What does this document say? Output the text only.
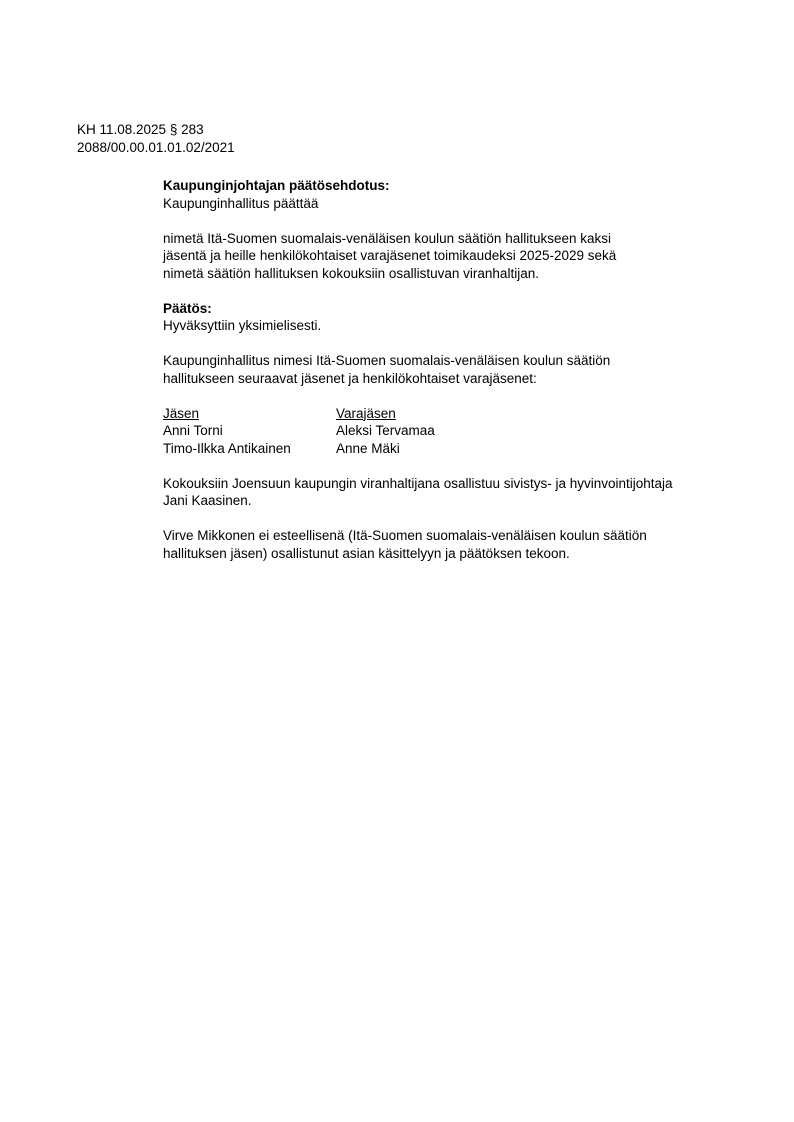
KH 11.08.2025 § 283
2088/00.00.01.01.02/2021

Kaupunginjohtajan päätösehdotus:

Kaupunginhallitus päättää

nimetä Itä-Suomen suomalais-venäläisen koulun säätiön hallitukseen kaksi

jäsentä ja heille henkilökohtaiset varajäsenet toimikaudeksi 2025-2029 sekä

nimetä säätiön hallituksen kokouksiin osallistuvan viranhaltijan.

Päätös:

Hyväksyttiin yksimielisesti.

Kaupunginhallitus nimesi Itä-Suomen suomalais-venäläisen koulun säätiön

hallitukseen seuraavat jäsenet ja henkilökohtaiset varajäsenet:

Jäsen	Varajäsen
Anni Torni	Aleksi Tervamaa
Timo-Ilkka Antikainen	Anne Mäki

Kokouksiin Joensuun kaupungin viranhaltijana osallistuu sivistys- ja hyvinvointijohtaja

Jani Kaasinen.

Virve Mikkonen ei esteellisenä (Itä-Suomen suomalais-venäläisen koulun säätiön

hallituksen jäsen) osallistunut asian käsittelyyn ja päätöksen tekoon.
